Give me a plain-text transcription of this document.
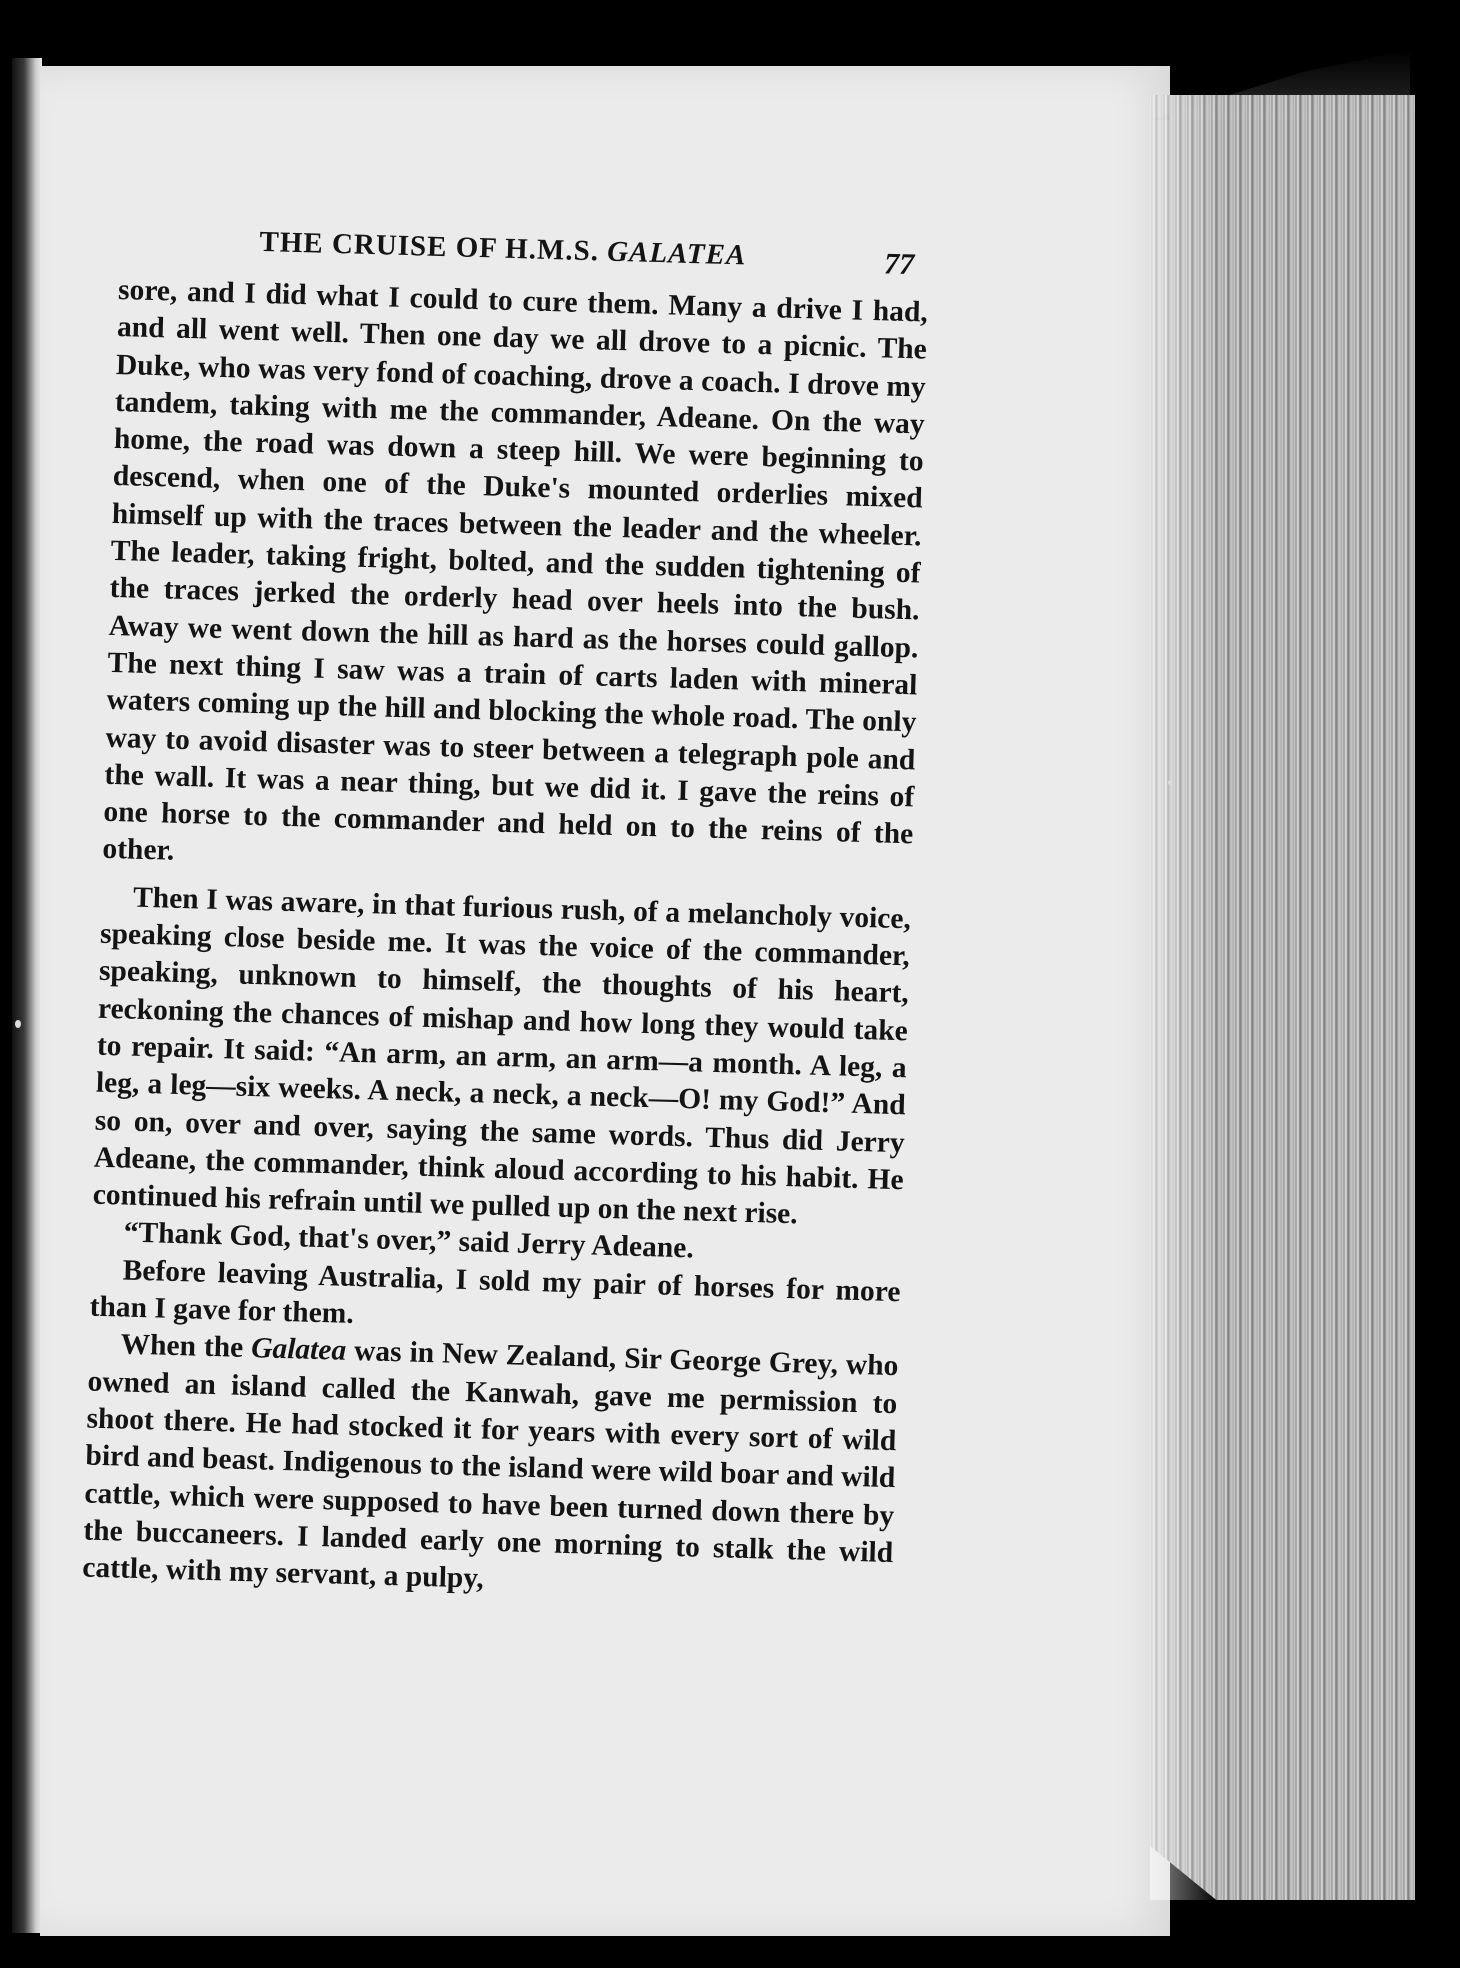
THE CRUISE OF H.M.S. GALATEA	77

sore, and I did what I could to cure them. Many a drive I had, and all went well. Then one day we all drove to a picnic. The Duke, who was very fond of coaching, drove a coach. I drove my tandem, taking with me the commander, Adeane. On the way home, the road was down a steep hill. We were beginning to descend, when one of the Duke's mounted orderlies mixed himself up with the traces between the leader and the wheeler. The leader, taking fright, bolted, and the sudden tightening of the traces jerked the orderly head over heels into the bush. Away we went down the hill as hard as the horses could gallop. The next thing I saw was a train of carts laden with mineral waters coming up the hill and blocking the whole road. The only way to avoid disaster was to steer between a telegraph pole and the wall. It was a near thing, but we did it. I gave the reins of one horse to the commander and held on to the reins of the other.

Then I was aware, in that furious rush, of a melancholy voice, speaking close beside me. It was the voice of the commander, speaking, unknown to himself, the thoughts of his heart, reckoning the chances of mishap and how long they would take to repair. It said: “An arm, an arm, an arm—a month. A leg, a leg, a leg—six weeks. A neck, a neck, a neck—O! my God!” And so on, over and over, saying the same words. Thus did Jerry Adeane, the commander, think aloud according to his habit. He continued his refrain until we pulled up on the next rise.

“Thank God, that's over,” said Jerry Adeane.

Before leaving Australia, I sold my pair of horses for more than I gave for them.

When the Galatea was in New Zealand, Sir George Grey, who owned an island called the Kanwah, gave me permission to shoot there. He had stocked it for years with every sort of wild bird and beast. Indigenous to the island were wild boar and wild cattle, which were supposed to have been turned down there by the buccaneers. I landed early one morning to stalk the wild cattle, with my servant, a pulpy,
